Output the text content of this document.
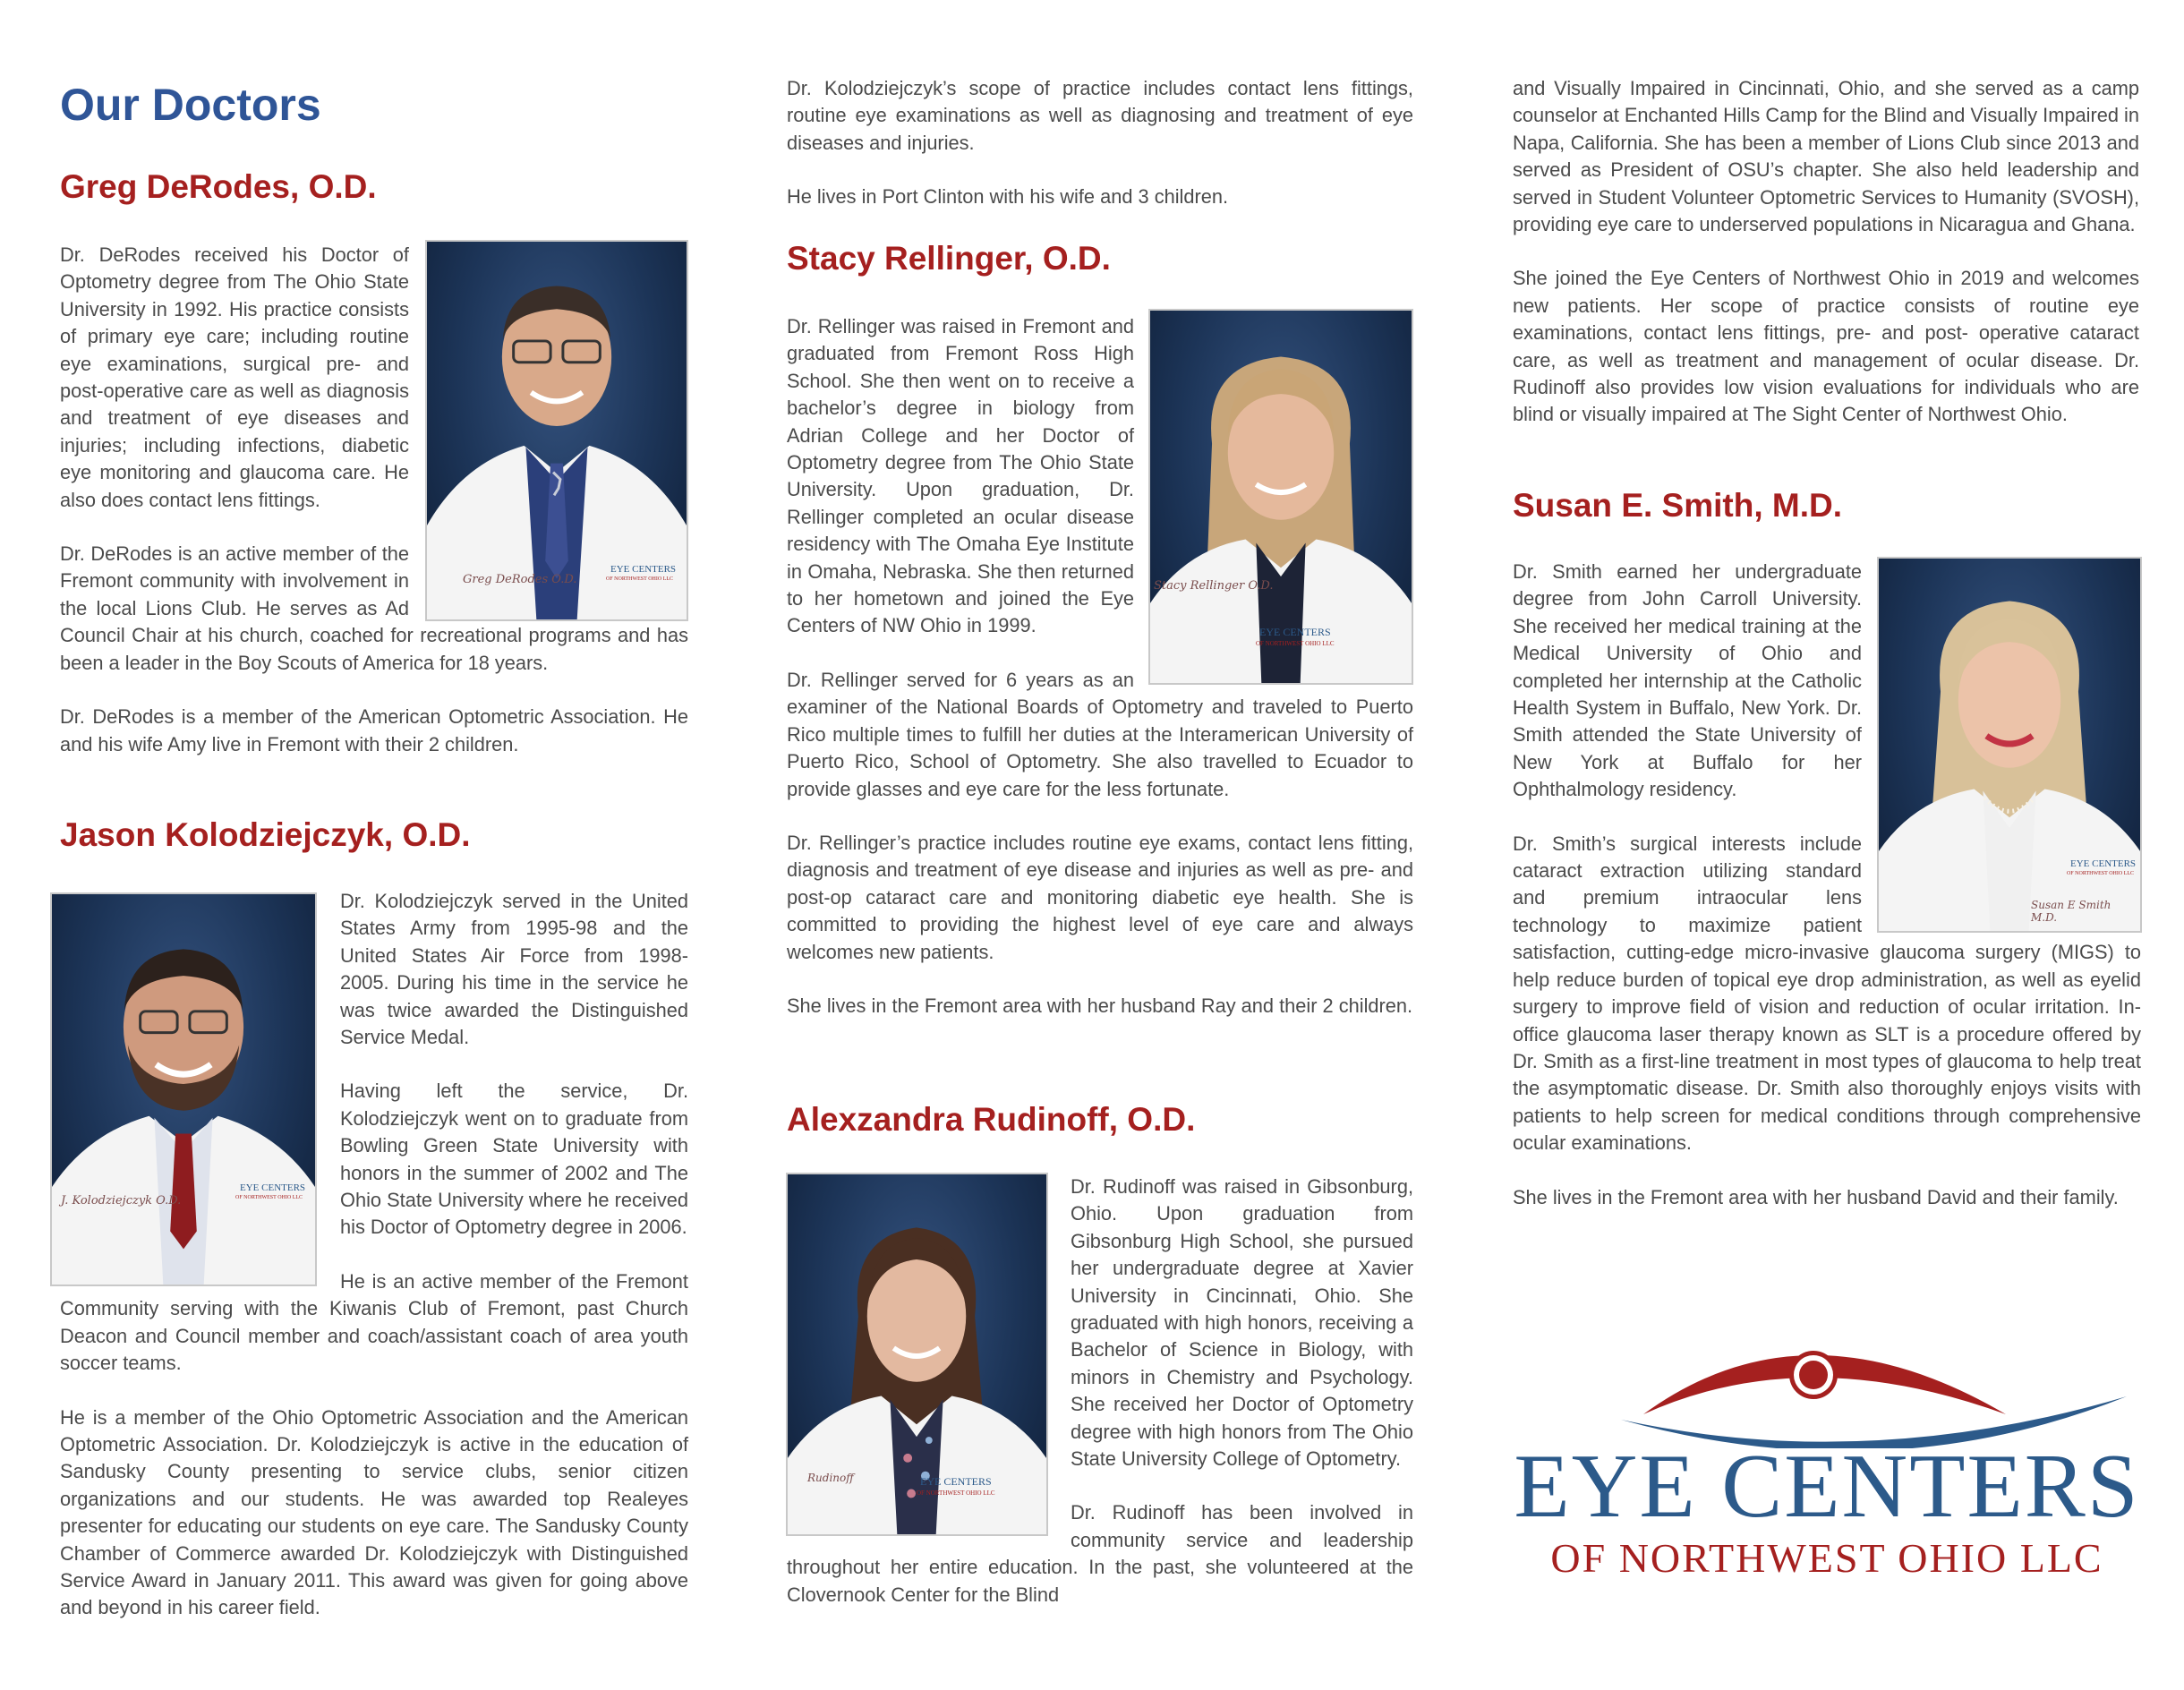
Our Doctors
Greg DeRodes, O.D.
Greg DeRodes O.D.
EYE CENTERS
OF NORTHWEST OHIO LLC

Dr. DeRodes received his Doctor of Optometry degree from The Ohio State University in 1992. His practice consists of primary eye care; including routine eye examinations, surgical pre- and post-operative care as well as diagnosis and treatment of eye diseases and injuries; including infections, diabetic eye monitoring and glaucoma care. He also does contact lens fittings.

Dr. DeRodes is an active member of the Fremont community with involvement in the local Lions Club. He serves as Ad Council Chair at his church, coached for recreational programs and has been a leader in the Boy Scouts of America for 18 years.

Dr. DeRodes is a member of the American Optometric Association. He and his wife Amy live in Fremont with their 2 children.

Jason Kolodziejczyk, O.D.
J. Kolodziejczyk O.D.
EYE CENTERS
OF NORTHWEST OHIO LLC

Dr. Kolodziejczyk served in the United States Army from 1995-98 and the United States Air Force from 1998-2005. During his time in the service he was twice awarded the Distinguished Service Medal.

Having left the service, Dr. Kolodziejczyk went on to graduate from Bowling Green State University with honors in the summer of 2002 and The Ohio State University where he received his Doctor of Optometry degree in 2006.

He is an active member of the Fremont Community serving with the Kiwanis Club of Fremont, past Church Deacon and Council member and coach/assistant coach of area youth soccer teams.

He is a member of the Ohio Optometric Association and the American Optometric Association. Dr. Kolodziejczyk is active in the education of Sandusky County presenting to service clubs, senior citizen organizations and our students. He was awarded top Realeyes presenter for educating our students on eye care. The Sandusky County Chamber of Commerce awarded Dr. Kolodziejczyk with Distinguished Service Award in January 2011. This award was given for going above and beyond in his career field.

Dr. Kolodziejczyk’s scope of practice includes contact lens fittings, routine eye examinations as well as diagnosing and treatment of eye diseases and injuries.

He lives in Port Clinton with his wife and 3 children.

Stacy Rellinger, O.D.
Stacy Rellinger O.D.
EYE CENTERS
OF NORTHWEST OHIO LLC

Dr. Rellinger was raised in Fremont and graduated from Fremont Ross High School. She then went on to receive a bachelor’s degree in biology from Adrian College and her Doctor of Optometry degree from The Ohio State University. Upon graduation, Dr. Rellinger completed an ocular disease residency with The Omaha Eye Institute in Omaha, Nebraska. She then returned to her hometown and joined the Eye Centers of NW Ohio in 1999.

Dr. Rellinger served for 6 years as an examiner of the National Boards of Optometry and traveled to Puerto Rico multiple times to fulfill her duties at the Interamerican University of Puerto Rico, School of Optometry. She also travelled to Ecuador to provide glasses and eye care for the less fortunate.

Dr. Rellinger’s practice includes routine eye exams, contact lens fitting, diagnosis and treatment of eye disease and injuries as well as pre- and post-op cataract care and monitoring diabetic eye health. She is committed to providing the highest level of eye care and always welcomes new patients.

She lives in the Fremont area with her husband Ray and their 2 children.

Alexzandra Rudinoff, O.D.
Rudinoff	EYE CENTERS
OF NORTHWEST OHIO LLC

Dr. Rudinoff was raised in Gibsonburg, Ohio. Upon graduation from Gibsonburg High School, she pursued her undergraduate degree at Xavier University in Cincinnati, Ohio. She graduated with high honors, receiving a Bachelor of Science in Biology, with minors in Chemistry and Psychology. She received her Doctor of Optometry degree with high honors from The Ohio State University College of Optometry.

Dr. Rudinoff has been involved in community service and leadership throughout her entire education. In the past, she volunteered at the Clovernook Center for the Blind

and Visually Impaired in Cincinnati, Ohio, and she served as a camp counselor at Enchanted Hills Camp for the Blind and Visually Impaired in Napa, California. She has been a member of Lions Club since 2013 and served as President of OSU’s chapter. She also held leadership and served in Student Volunteer Optometric Services to Humanity (SVOSH), providing eye care to underserved populations in Nicaragua and Ghana.

She joined the Eye Centers of Northwest Ohio in 2019 and welcomes new patients. Her scope of practice consists of routine eye examinations, contact lens fittings, pre- and post- operative cataract care, as well as treatment and management of ocular disease. Dr. Rudinoff also provides low vision evaluations for individuals who are blind or visually impaired at The Sight Center of Northwest Ohio.

Susan E. Smith, M.D.
Susan E Smith M.D.
EYE CENTERS
OF NORTHWEST OHIO LLC

Dr. Smith earned her undergraduate degree from John Carroll University. She received her medical training at the Medical University of Ohio and completed her internship at the Catholic Health System in Buffalo, New York. Dr. Smith attended the State University of New York at Buffalo for her Ophthalmology residency.

Dr. Smith’s surgical interests include cataract extraction utilizing standard and premium intraocular lens technology to maximize patient satisfaction, cutting-edge micro-invasive glaucoma surgery (MIGS) to help reduce burden of topical eye drop administration, as well as eyelid surgery to improve field of vision and reduction of ocular irritation. In-office glaucoma laser therapy known as SLT is a procedure offered by Dr. Smith as a first-line treatment in most types of glaucoma to help treat the asymptomatic disease. Dr. Smith also thoroughly enjoys visits with patients to help screen for medical conditions through comprehensive ocular examinations.

She lives in the Fremont area with her husband David and their family.

EYE CENTERS
OF NORTHWEST OHIO LLC
